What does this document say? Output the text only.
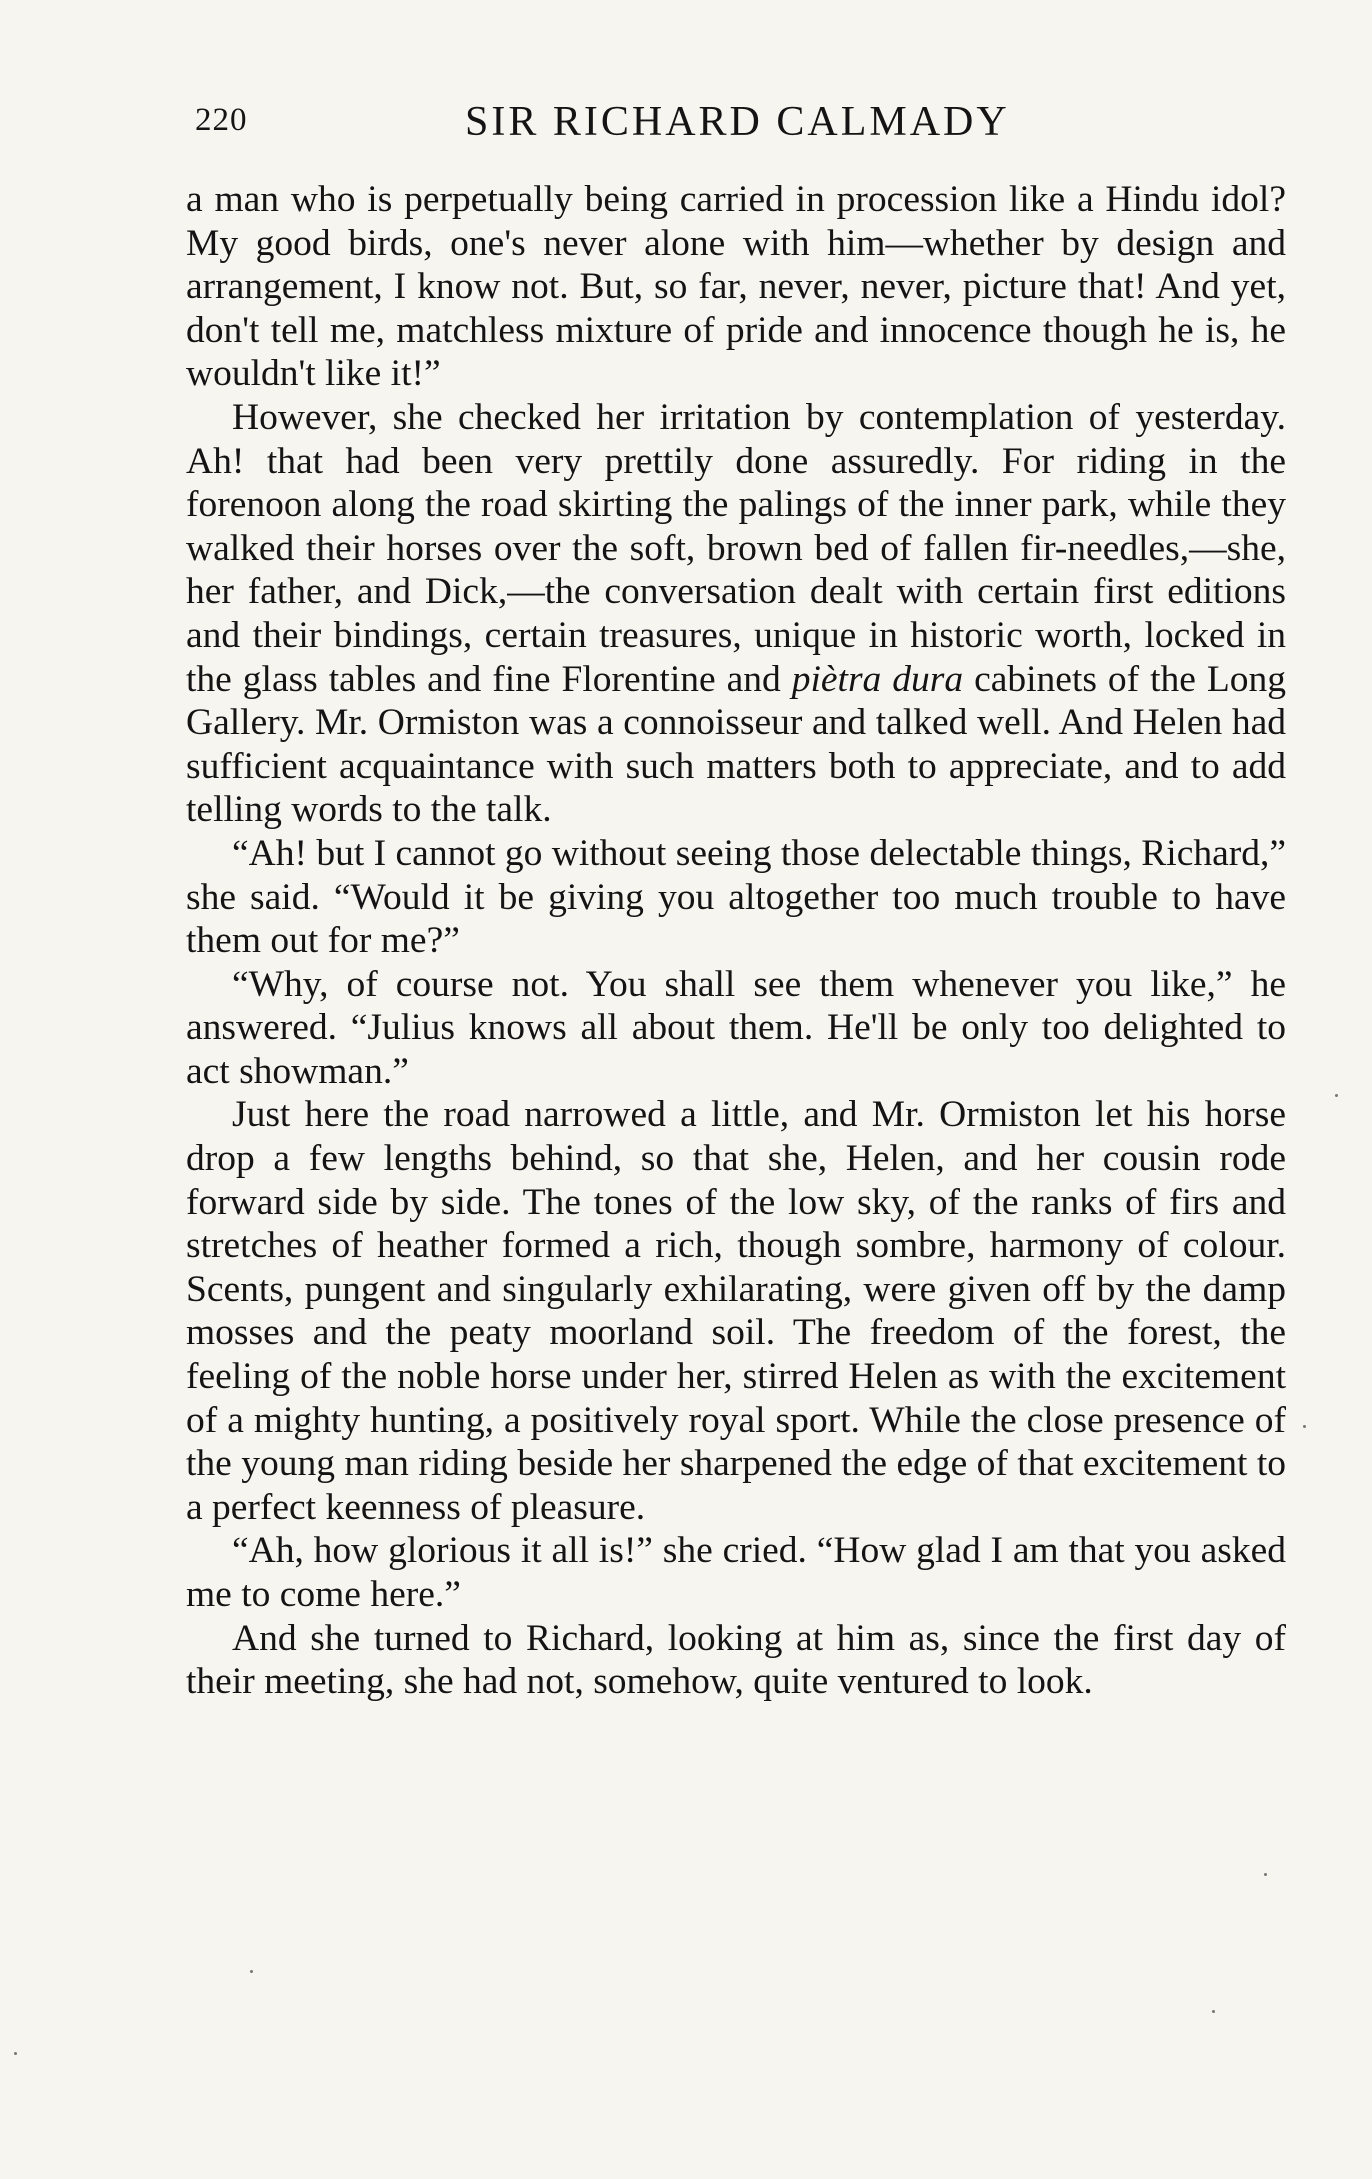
220	SIR RICHARD CALMADY

a man who is perpetually being carried in procession like a Hindu idol? My good birds, one's never alone with him—whether by design and arrangement, I know not. But, so far, never, never, picture that! And yet, don't tell me, matchless mixture of pride and innocence though he is, he wouldn't like it!”

However, she checked her irritation by contemplation of yesterday. Ah! that had been very prettily done assuredly. For riding in the forenoon along the road skirting the palings of the inner park, while they walked their horses over the soft, brown bed of fallen fir-needles,—she, her father, and Dick,—the conversation dealt with certain first editions and their bindings, certain treasures, unique in historic worth, locked in the glass tables and fine Florentine and piètra dura cabinets of the Long Gallery. Mr. Ormiston was a connoisseur and talked well. And Helen had sufficient acquaintance with such matters both to appreciate, and to add telling words to the talk.

“Ah! but I cannot go without seeing those delectable things, Richard,” she said. “Would it be giving you altogether too much trouble to have them out for me?”

“Why, of course not. You shall see them whenever you like,” he answered. “Julius knows all about them. He'll be only too delighted to act showman.”

Just here the road narrowed a little, and Mr. Ormiston let his horse drop a few lengths behind, so that she, Helen, and her cousin rode forward side by side. The tones of the low sky, of the ranks of firs and stretches of heather formed a rich, though sombre, harmony of colour. Scents, pungent and singularly exhilarating, were given off by the damp mosses and the peaty moorland soil. The freedom of the forest, the feeling of the noble horse under her, stirred Helen as with the excitement of a mighty hunting, a positively royal sport. While the close presence of the young man riding beside her sharpened the edge of that excitement to a perfect keenness of pleasure.

“Ah, how glorious it all is!” she cried. “How glad I am that you asked me to come here.”

And she turned to Richard, looking at him as, since the first day of their meeting, she had not, somehow, quite ventured to look.
